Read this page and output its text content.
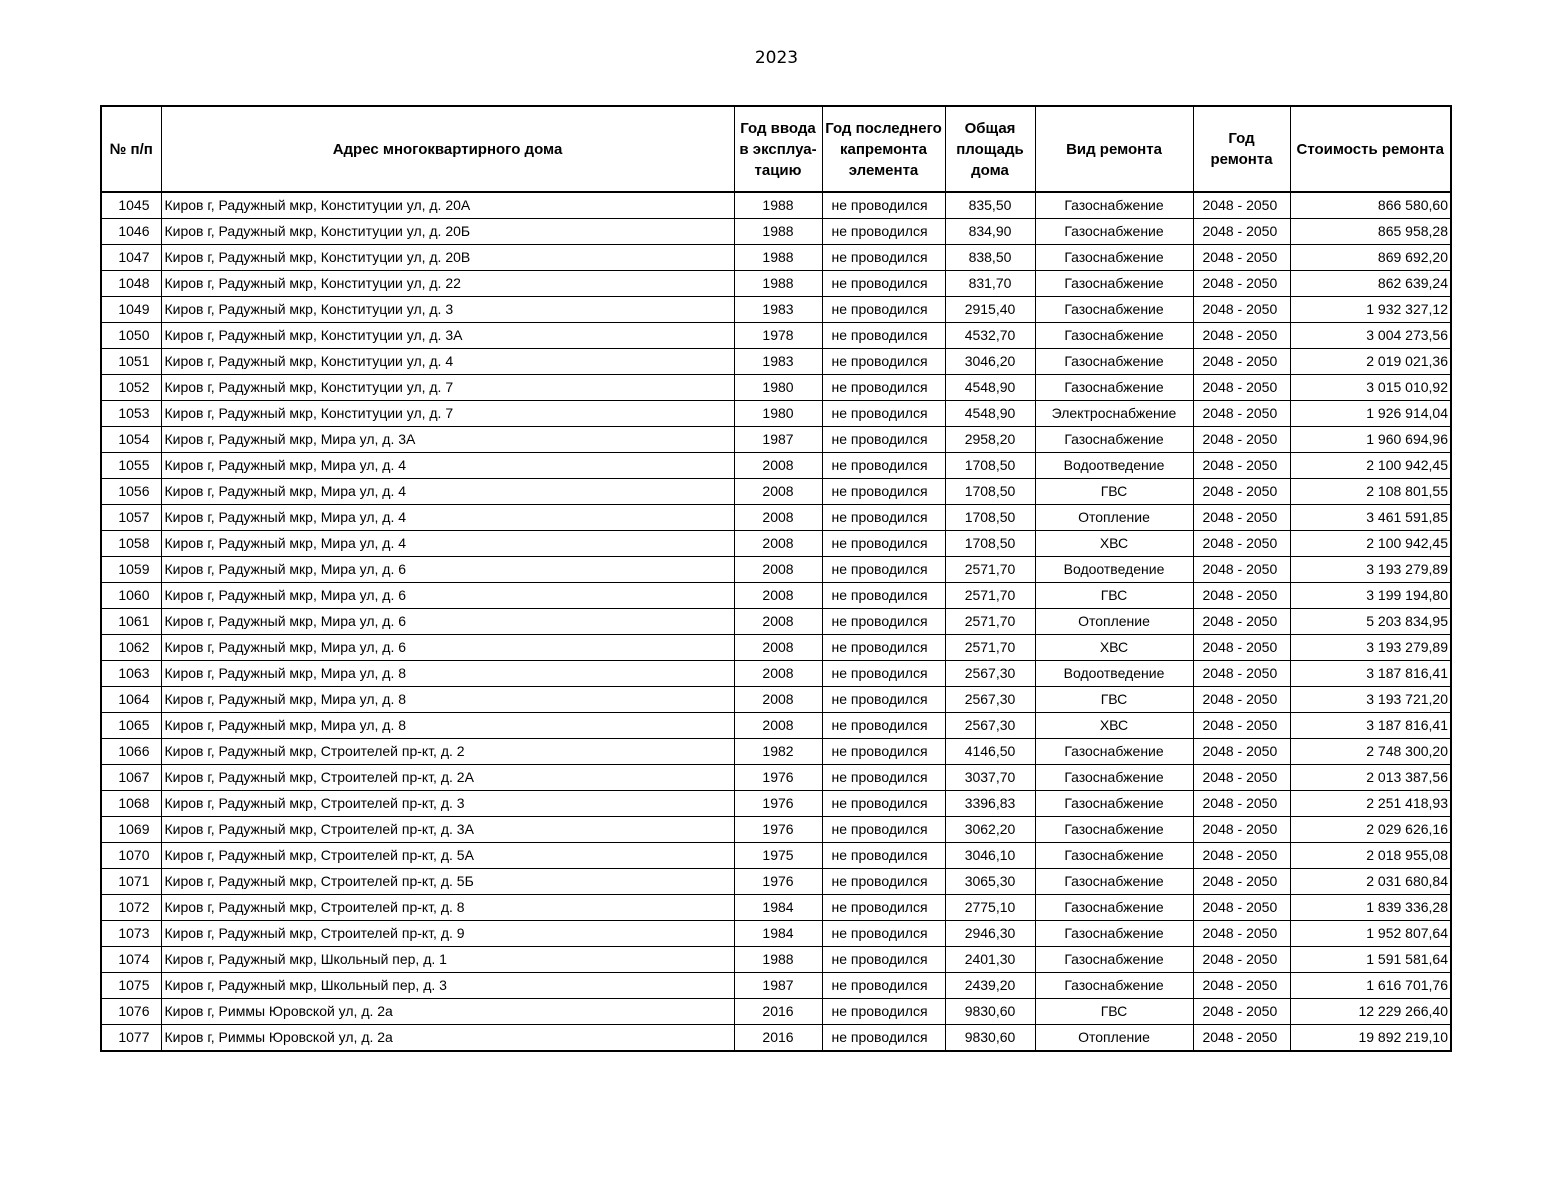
2023
№ п/п	Адрес многоквартирного дома	Год ввода в эксплуа-тацию	Год последнего капремонта элемента	Общая площадь дома	Вид ремонта	Год ремонта	Стоимость ремонта
1045	Киров г, Радужный мкр, Конституции ул, д. 20А	1988	не проводился	835,50	Газоснабжение	2048 - 2050	866 580,60
1046	Киров г, Радужный мкр, Конституции ул, д. 20Б	1988	не проводился	834,90	Газоснабжение	2048 - 2050	865 958,28
1047	Киров г, Радужный мкр, Конституции ул, д. 20В	1988	не проводился	838,50	Газоснабжение	2048 - 2050	869 692,20
1048	Киров г, Радужный мкр, Конституции ул, д. 22	1988	не проводился	831,70	Газоснабжение	2048 - 2050	862 639,24
1049	Киров г, Радужный мкр, Конституции ул, д. 3	1983	не проводился	2915,40	Газоснабжение	2048 - 2050	1 932 327,12
1050	Киров г, Радужный мкр, Конституции ул, д. 3А	1978	не проводился	4532,70	Газоснабжение	2048 - 2050	3 004 273,56
1051	Киров г, Радужный мкр, Конституции ул, д. 4	1983	не проводился	3046,20	Газоснабжение	2048 - 2050	2 019 021,36
1052	Киров г, Радужный мкр, Конституции ул, д. 7	1980	не проводился	4548,90	Газоснабжение	2048 - 2050	3 015 010,92
1053	Киров г, Радужный мкр, Конституции ул, д. 7	1980	не проводился	4548,90	Электроснабжение	2048 - 2050	1 926 914,04
1054	Киров г, Радужный мкр, Мира ул, д. 3А	1987	не проводился	2958,20	Газоснабжение	2048 - 2050	1 960 694,96
1055	Киров г, Радужный мкр, Мира ул, д. 4	2008	не проводился	1708,50	Водоотведение	2048 - 2050	2 100 942,45
1056	Киров г, Радужный мкр, Мира ул, д. 4	2008	не проводился	1708,50	ГВС	2048 - 2050	2 108 801,55
1057	Киров г, Радужный мкр, Мира ул, д. 4	2008	не проводился	1708,50	Отопление	2048 - 2050	3 461 591,85
1058	Киров г, Радужный мкр, Мира ул, д. 4	2008	не проводился	1708,50	ХВС	2048 - 2050	2 100 942,45
1059	Киров г, Радужный мкр, Мира ул, д. 6	2008	не проводился	2571,70	Водоотведение	2048 - 2050	3 193 279,89
1060	Киров г, Радужный мкр, Мира ул, д. 6	2008	не проводился	2571,70	ГВС	2048 - 2050	3 199 194,80
1061	Киров г, Радужный мкр, Мира ул, д. 6	2008	не проводился	2571,70	Отопление	2048 - 2050	5 203 834,95
1062	Киров г, Радужный мкр, Мира ул, д. 6	2008	не проводился	2571,70	ХВС	2048 - 2050	3 193 279,89
1063	Киров г, Радужный мкр, Мира ул, д. 8	2008	не проводился	2567,30	Водоотведение	2048 - 2050	3 187 816,41
1064	Киров г, Радужный мкр, Мира ул, д. 8	2008	не проводился	2567,30	ГВС	2048 - 2050	3 193 721,20
1065	Киров г, Радужный мкр, Мира ул, д. 8	2008	не проводился	2567,30	ХВС	2048 - 2050	3 187 816,41
1066	Киров г, Радужный мкр, Строителей пр-кт, д. 2	1982	не проводился	4146,50	Газоснабжение	2048 - 2050	2 748 300,20
1067	Киров г, Радужный мкр, Строителей пр-кт, д. 2А	1976	не проводился	3037,70	Газоснабжение	2048 - 2050	2 013 387,56
1068	Киров г, Радужный мкр, Строителей пр-кт, д. 3	1976	не проводился	3396,83	Газоснабжение	2048 - 2050	2 251 418,93
1069	Киров г, Радужный мкр, Строителей пр-кт, д. 3А	1976	не проводился	3062,20	Газоснабжение	2048 - 2050	2 029 626,16
1070	Киров г, Радужный мкр, Строителей пр-кт, д. 5А	1975	не проводился	3046,10	Газоснабжение	2048 - 2050	2 018 955,08
1071	Киров г, Радужный мкр, Строителей пр-кт, д. 5Б	1976	не проводился	3065,30	Газоснабжение	2048 - 2050	2 031 680,84
1072	Киров г, Радужный мкр, Строителей пр-кт, д. 8	1984	не проводился	2775,10	Газоснабжение	2048 - 2050	1 839 336,28
1073	Киров г, Радужный мкр, Строителей пр-кт, д. 9	1984	не проводился	2946,30	Газоснабжение	2048 - 2050	1 952 807,64
1074	Киров г, Радужный мкр, Школьный пер, д. 1	1988	не проводился	2401,30	Газоснабжение	2048 - 2050	1 591 581,64
1075	Киров г, Радужный мкр, Школьный пер, д. 3	1987	не проводился	2439,20	Газоснабжение	2048 - 2050	1 616 701,76
1076	Киров г, Риммы Юровской ул, д. 2а	2016	не проводился	9830,60	ГВС	2048 - 2050	12 229 266,40
1077	Киров г, Риммы Юровской ул, д. 2а	2016	не проводился	9830,60	Отопление	2048 - 2050	19 892 219,10
